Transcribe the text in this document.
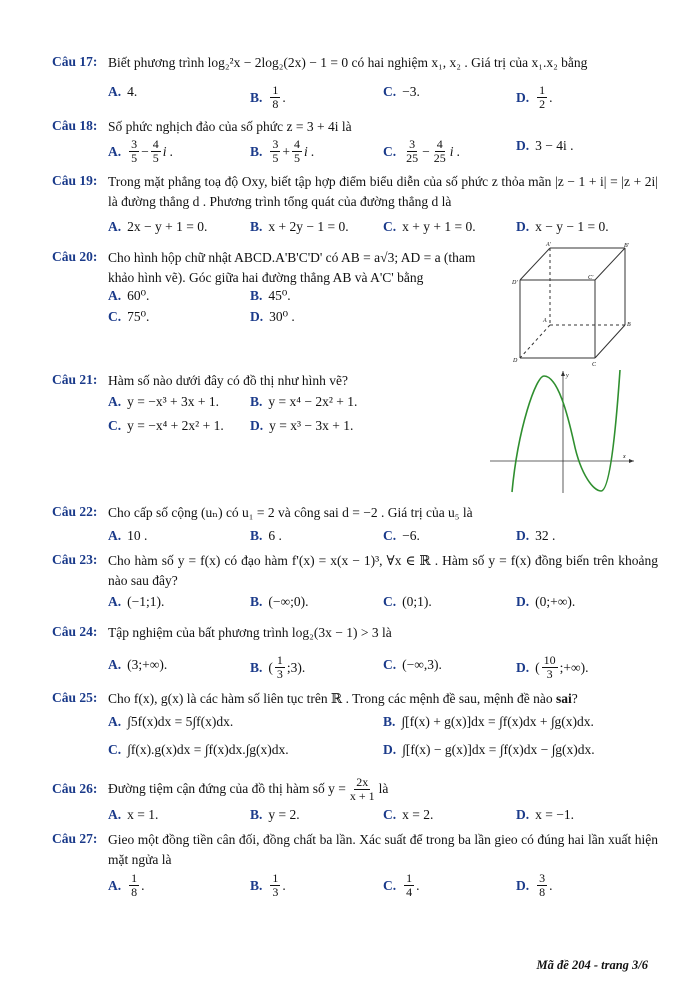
Câu 17: Biết phương trình log₂²x − 2log₂(2x) − 1 = 0 có hai nghiệm x₁, x₂ . Giá trị của x₁.x₂ bằng
A. 4.	B. $\frac{1}{8}$ .	C. −3.	D. $\frac{1}{2}$ .
Câu 18: Số phức nghịch đảo của số phức z = 3 + 4i là
A. $\frac{3}{5} - \frac{4}{5}$ i .	B. $\frac{3}{5} + \frac{4}{5}$ i .	C. $\frac{3}{25} - \frac{4}{25}$ i .	D. 3 − 4i .
Câu 19: Trong mặt phẳng toạ độ Oxy, biết tập hợp điểm biểu diễn của số phức z thỏa mãn |z − 1 + i| = |z + 2i| là đường thẳng d . Phương trình tổng quát của đường thẳng d là
A. 2x − y + 1 = 0.	B. x + 2y − 1 = 0.	C. x + y + 1 = 0.	D. x − y − 1 = 0.
Câu 20: Cho hình hộp chữ nhật ABCD.A'B'C'D' có AB = a√3; AD = a (tham khảo hình vẽ). Góc giữa hai đường thẳng AB và A'C' bằng
A. 60⁰.	B. 45⁰.
C. 75⁰.	D. 30⁰ .
A'	B'
C'
D'
A
B
C
D
Câu 21: Hàm số nào dưới đây có đồ thị như hình vẽ?
A. y = −x³ + 3x + 1. B. y = x⁴ − 2x² + 1.
C. y = −x⁴ + 2x² + 1. D. y = x³ − 3x + 1.
x
y
Câu 22: Cho cấp số cộng (uₙ) có u₁ = 2 và công sai d = −2 . Giá trị của u₅ là
A. 10 .	B. 6 .	C. −6.	D. 32 .
Câu 23: Cho hàm số y = f(x) có đạo hàm f'(x) = x(x − 1)³, ∀x ∈ ℝ . Hàm số y = f(x) đồng biến trên khoảng nào sau đây?
A. (−1;1).	B. (−∞;0).	C. (0;1).	D. (0;+∞).
Câu 24: Tập nghiệm của bất phương trình log₂(3x − 1) > 3 là
A. (3;+∞).	B. ( $\frac{1}{3}$ ;3).	C. (−∞,3).	D. ( $\frac{10}{3}$ ;+∞).
Câu 25: Cho f(x), g(x) là các hàm số liên tục trên ℝ . Trong các mệnh đề sau, mệnh đề nào sai?
A. ∫5f(x)dx = 5∫f(x)dx.	B. ∫[f(x) + g(x)]dx = ∫f(x)dx + ∫g(x)dx.
C. ∫f(x).g(x)dx = ∫f(x)dx.∫g(x)dx.	D. ∫[f(x) − g(x)]dx = ∫f(x)dx − ∫g(x)dx.
Câu 26: Đường tiệm cận đứng của đồ thị hàm số $y = \frac{2x}{x + 1}$ là
A. x = 1.	B. y = 2.	C. x = 2.	D. x = −1.
Câu 27: Gieo một đồng tiền cân đối, đồng chất ba lần. Xác suất để trong ba lần gieo có đúng hai lần xuất hiện mặt ngửa là
A. $\frac{1}{8}$ .	B. $\frac{1}{3}$ .	C. $\frac{1}{4}$ .	D. $\frac{3}{8}$ .
Mã đề 204 - trang 3/6
